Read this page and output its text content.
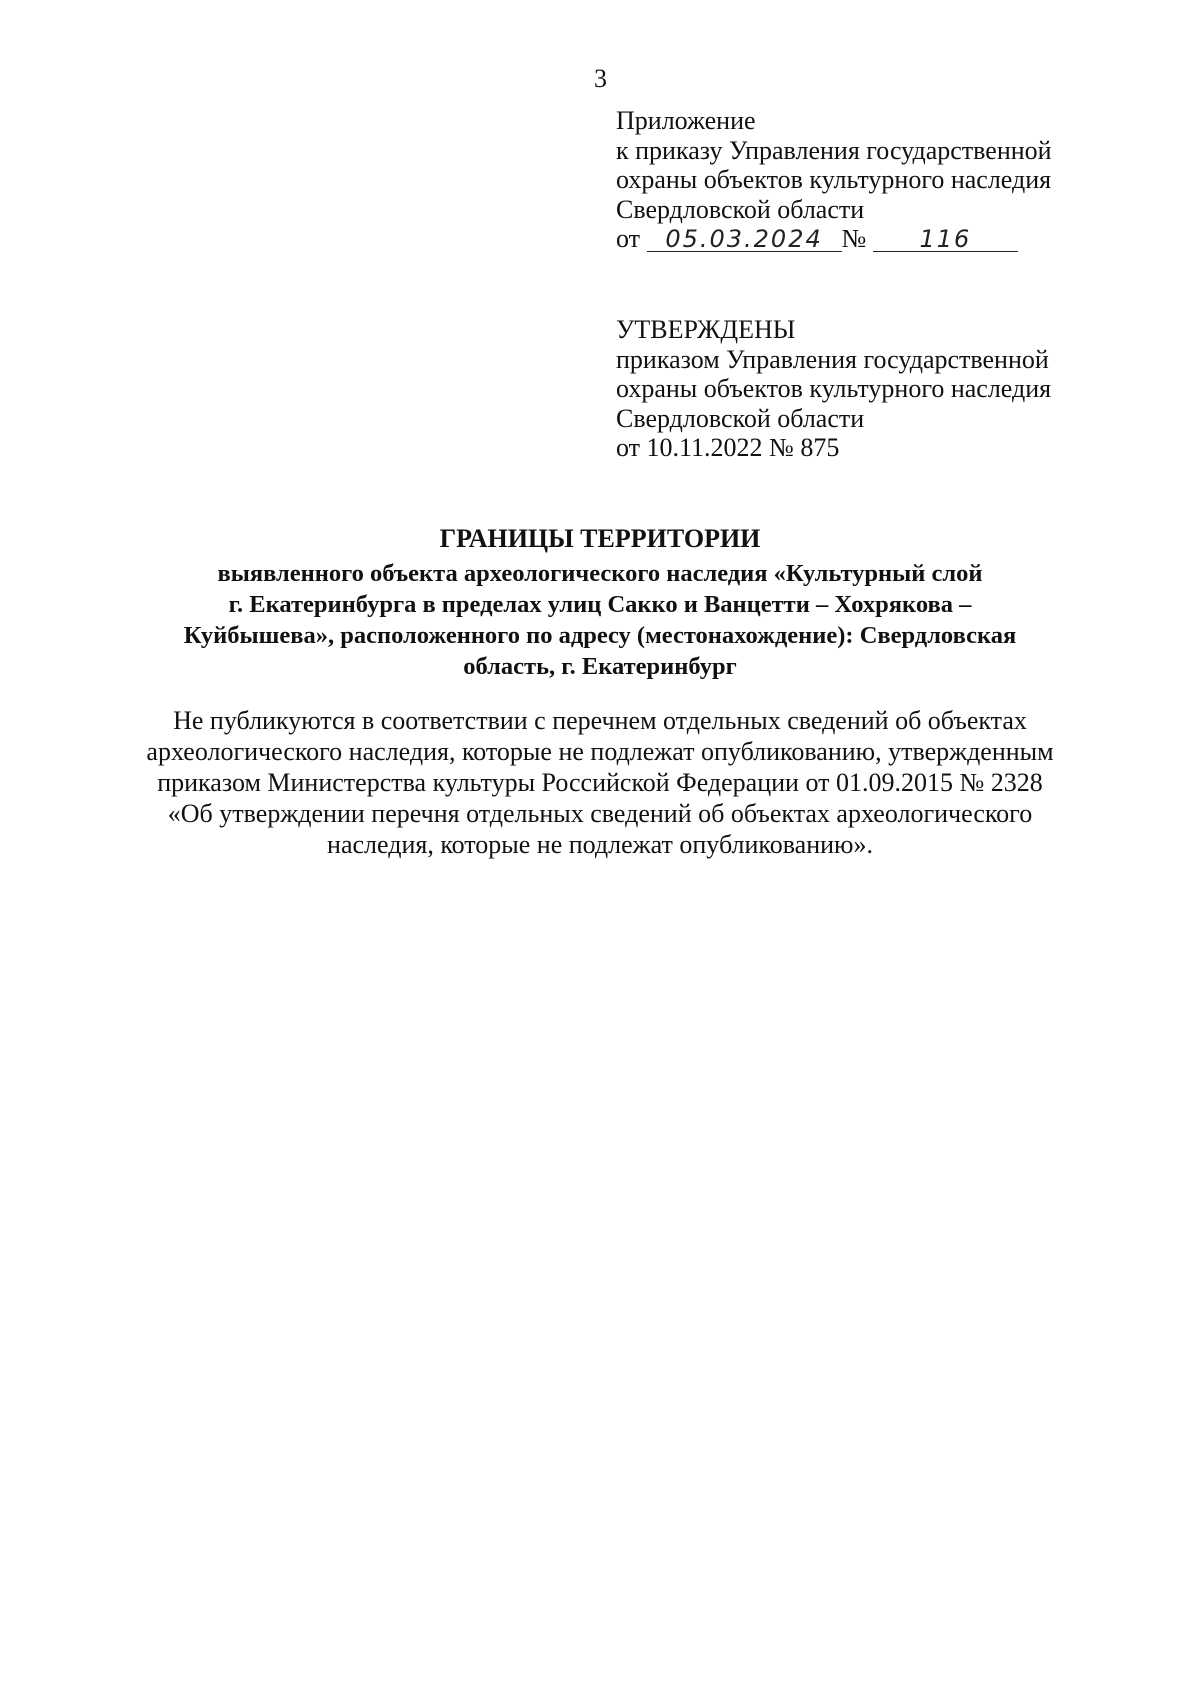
3
Приложение
к приказу Управления государственной
охраны объектов культурного наследия
Свердловской области
от 05.03.2024 № 116
УТВЕРЖДЕНЫ
приказом Управления государственной
охраны объектов культурного наследия
Свердловской области
от 10.11.2022 № 875
ГРАНИЦЫ ТЕРРИТОРИИ
выявленного объекта археологического наследия «Культурный слой
г. Екатеринбурга в пределах улиц Сакко и Ванцетти – Хохрякова –
Куйбышева», расположенного по адресу (местонахождение): Свердловская
область, г. Екатеринбург
Не публикуются в соответствии с перечнем отдельных сведений об объектах
археологического наследия, которые не подлежат опубликованию, утвержденным
приказом Министерства культуры Российской Федерации от 01.09.2015 № 2328
«Об утверждении перечня отдельных сведений об объектах археологического
наследия, которые не подлежат опубликованию».
